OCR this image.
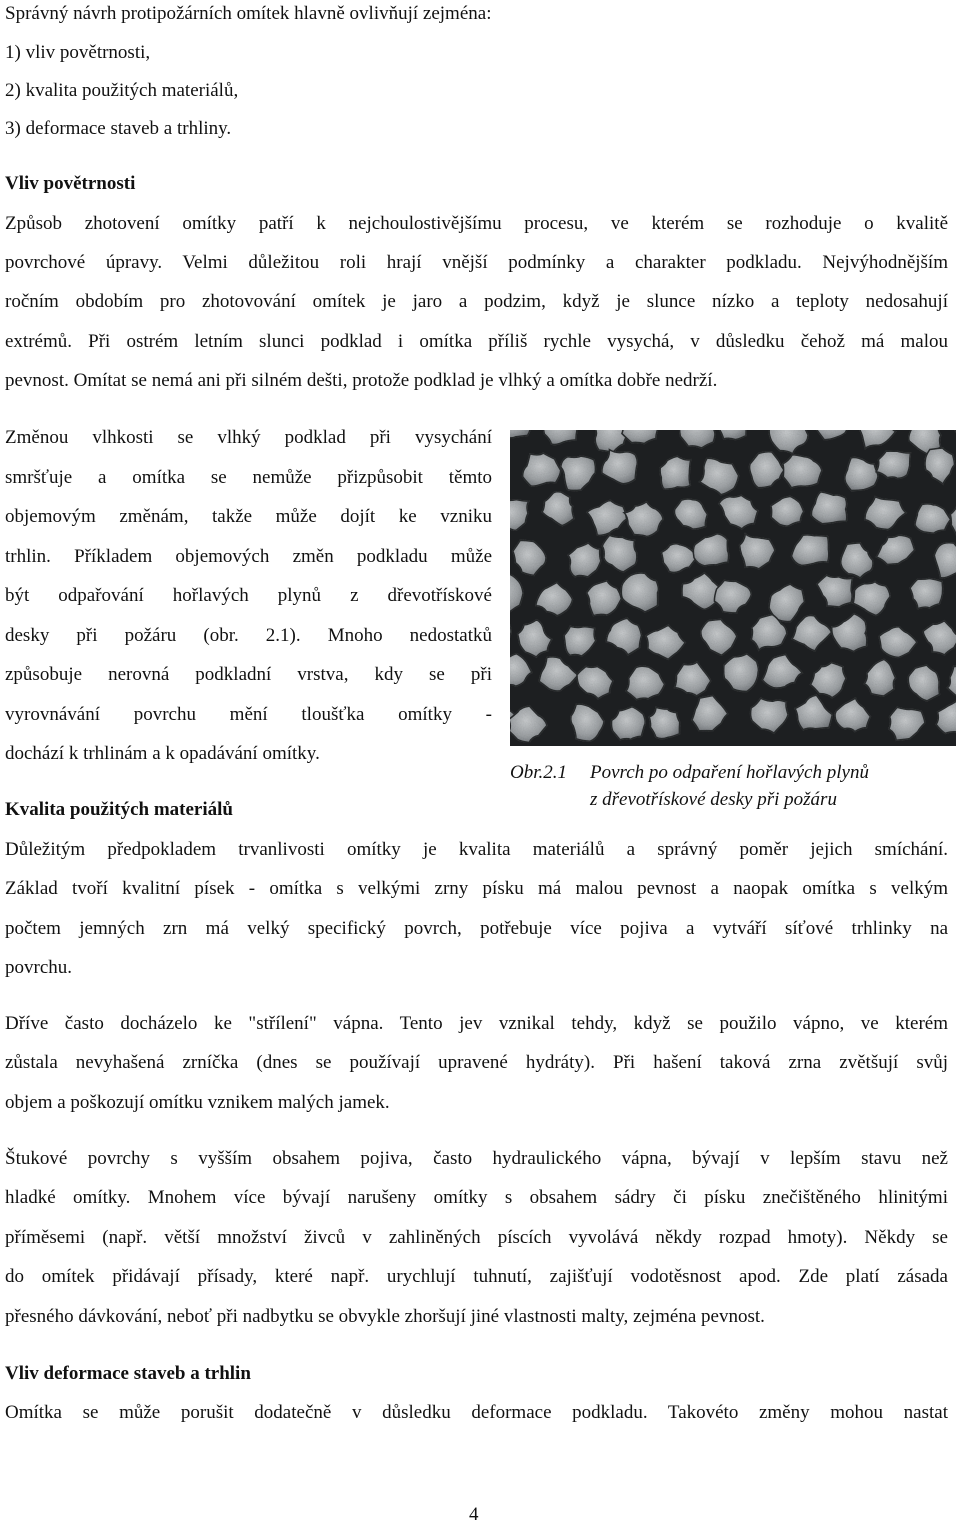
Správný návrh protipožárních omítek hlavně ovlivňují zejména:
1) vliv povětrnosti,
2) kvalita použitých materiálů,
3) deformace staveb a trhliny.
Vliv povětrnosti
Způsob zhotovení omítky patří k nejchoulostivějšímu procesu, ve kterém se rozhoduje o kvalitě
povrchové úpravy. Velmi důležitou roli hrají vnější podmínky a charakter podkladu. Nejvýhodnějším
ročním obdobím pro zhotovování omítek je jaro a podzim, když je slunce nízko a teploty nedosahují
extrémů. Při ostrém letním slunci podklad i omítka příliš rychle vysychá, v důsledku čehož má malou
pevnost. Omítat se nemá ani při silném dešti, protože podklad je vlhký a omítka dobře nedrží.
Změnou vlhkosti se vlhký podklad při vysychání
smršťuje a omítka se nemůže přizpůsobit těmto
objemovým změnám, takže může dojít ke vzniku
trhlin. Příkladem objemových změn podkladu může
být odpařování hořlavých plynů z dřevotřískové
desky při požáru (obr. 2.1). Mnoho nedostatků
způsobuje nerovná podkladní vrstva, kdy se při
vyrovnávání povrchu mění tloušťka omítky -
dochází k trhlinám a k opadávání omítky.
Obr.2.1 Povrch po odpaření hořlavých plynů
z dřevotřískové desky při požáru
Kvalita použitých materiálů
Důležitým předpokladem trvanlivosti omítky je kvalita materiálů a správný poměr jejich smíchání.
Základ tvoří kvalitní písek - omítka s velkými zrny písku má malou pevnost a naopak omítka s velkým
počtem jemných zrn má velký specifický povrch, potřebuje více pojiva a vytváří síťové trhlinky na
povrchu.
Dříve často docházelo ke "střílení" vápna. Tento jev vznikal tehdy, když se použilo vápno, ve kterém
zůstala nevyhašená zrníčka (dnes se používají upravené hydráty). Při hašení taková zrna zvětšují svůj
objem a poškozují omítku vznikem malých jamek.
Štukové povrchy s vyšším obsahem pojiva, často hydraulického vápna, bývají v lepším stavu než
hladké omítky. Mnohem více bývají narušeny omítky s obsahem sádry či písku znečištěného hlinitými
příměsemi (např. větší množství živců v zahliněných píscích vyvolává někdy rozpad hmoty). Někdy se
do omítek přidávají přísady, které např. urychlují tuhnutí, zajišťují vodotěsnost apod. Zde platí zásada
přesného dávkování, neboť při nadbytku se obvykle zhoršují jiné vlastnosti malty, zejména pevnost.
Vliv deformace staveb a trhlin
Omítka se může porušit dodatečně v důsledku deformace podkladu. Takovéto změny mohou nastat
4
